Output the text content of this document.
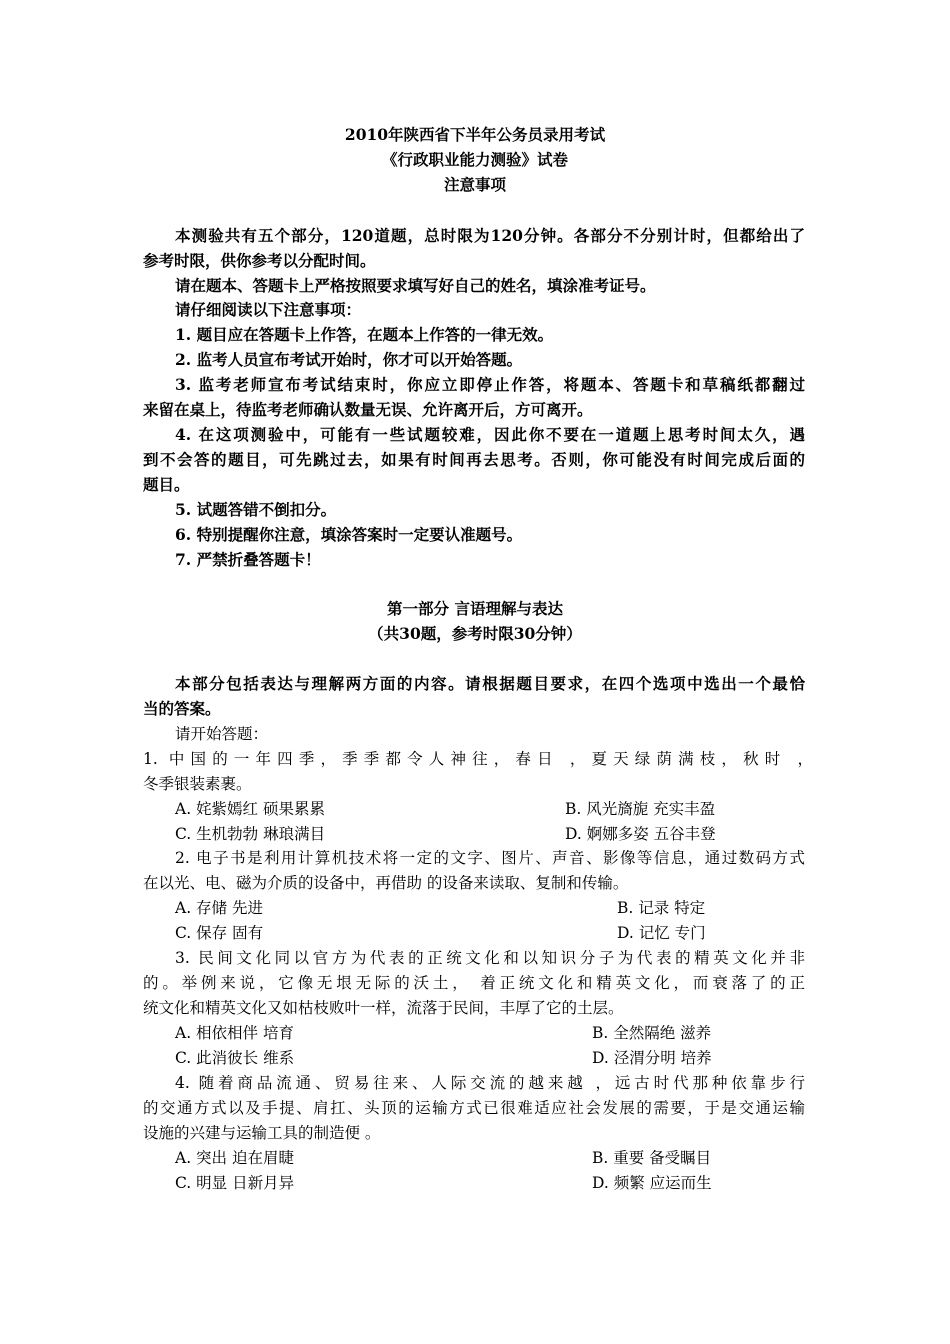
2010年陕西省下半年公务员录用考试
《行政职业能力测验》试卷
注意事项
本测验共有五个部分，120道题，总时限为120分钟。各部分不分别计时，但都给出了
参考时限，供你参考以分配时间。
请在题本、答题卡上严格按照要求填写好自己的姓名，填涂准考证号。
请仔细阅读以下注意事项：
1. 题目应在答题卡上作答，在题本上作答的一律无效。
2. 监考人员宣布考试开始时，你才可以开始答题。
3. 监考老师宣布考试结束时，你应立即停止作答，将题本、答题卡和草稿纸都翻过
来留在桌上，待监考老师确认数量无误、允许离开后，方可离开。
4. 在这项测验中，可能有一些试题较难，因此你不要在一道题上思考时间太久，遇
到不会答的题目，可先跳过去，如果有时间再去思考。否则，你可能没有时间完成后面的
题目。
5. 试题答错不倒扣分。
6. 特别提醒你注意，填涂答案时一定要认准题号。
7. 严禁折叠答题卡！
第一部分 言语理解与表达
（共30题，参考时限30分钟）
本部分包括表达与理解两方面的内容。请根据题目要求，在四个选项中选出一个最恰
当的答案。
请开始答题：
1. 中国的一年四季，季季都令人神往，春日 ，夏天绿荫满枝，秋时 ，
冬季银装素裹。
A. 姹紫嫣红 硕果累累	B. 风光旖旎 充实丰盈
C. 生机勃勃 琳琅满目	D. 婀娜多姿 五谷丰登
2. 电子书是利用计算机技术将一定的文字、图片、声音、影像等信息，通过数码方式
在以光、电、磁为介质的设备中，再借助 的设备来读取、复制和传输。
A. 存储 先进	B. 记录 特定
C. 保存 固有	D. 记忆 专门
3. 民间文化同以官方为代表的正统文化和以知识分子为代表的精英文化并非
的。举例来说，它像无垠无际的沃土， 着正统文化和精英文化，而衰落了的正
统文化和精英文化又如枯枝败叶一样，流落于民间，丰厚了它的土层。
A. 相依相伴 培育	B. 全然隔绝 滋养
C. 此消彼长 维系	D. 泾渭分明 培养
4. 随着商品流通、贸易往来、人际交流的越来越 ，远古时代那种依靠步行
的交通方式以及手提、肩扛、头顶的运输方式已很难适应社会发展的需要，于是交通运输
设施的兴建与运输工具的制造便 。
A. 突出 迫在眉睫	B. 重要 备受瞩目
C. 明显 日新月异	D. 频繁 应运而生
